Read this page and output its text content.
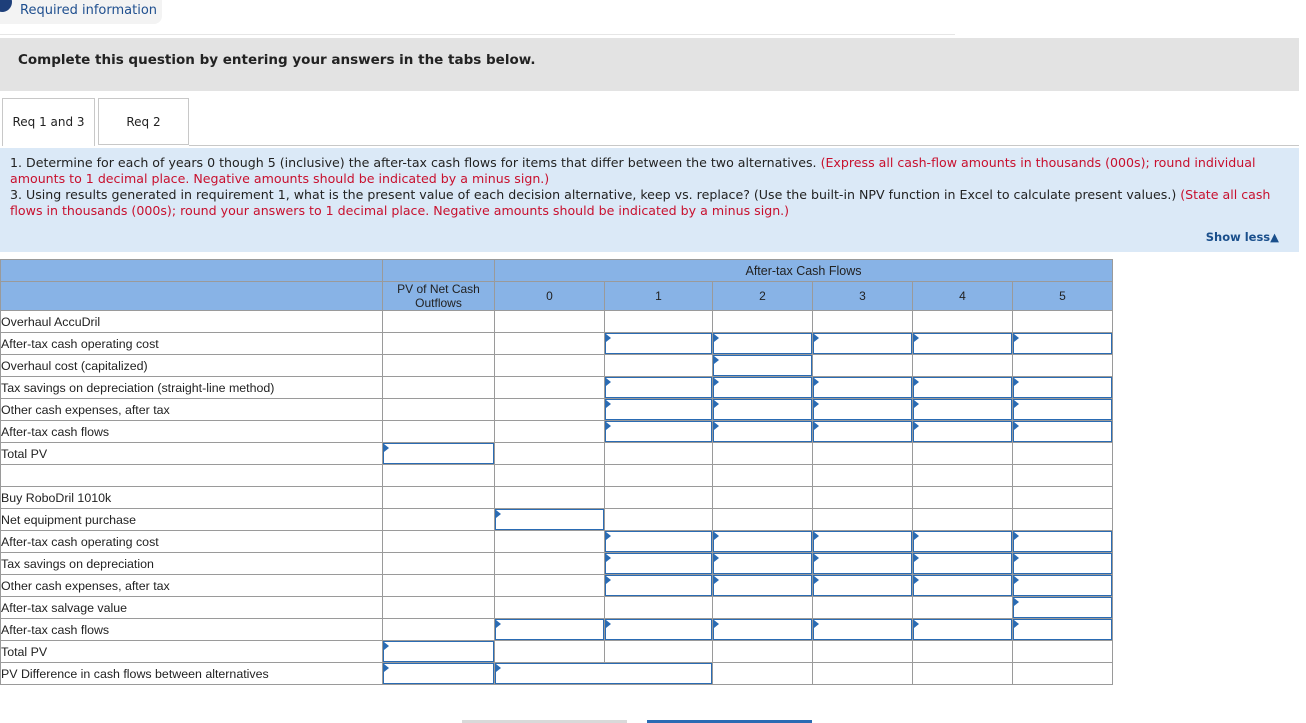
Required information
Complete this question by entering your answers in the tabs below.
Req 1 and 3	Req 2
1. Determine for each of years 0 though 5 (inclusive) the after-tax cash flows for items that differ between the two alternatives. (Express all cash-flow amounts in thousands (000s); round individual amounts to 1 decimal place. Negative amounts should be indicated by a minus sign.)
3. Using results generated in requirement 1, what is the present value of each decision alternative, keep vs. replace? (Use the built-in NPV function in Excel to calculate present values.) (State all cash flows in thousands (000s); round your answers to 1 decimal place. Negative amounts should be indicated by a minus sign.)
Show less▲
		After-tax Cash Flows					
	PV of Net Cash Outflows	0	1	2	3	4	5
Overhaul AccuDril							
After-tax cash operating cost			

Overhaul cost (capitalized)				

Tax savings on depreciation (straight-line method)			

Other cash expenses, after tax			

After-tax cash flows			

Total PV	

Buy RoboDril 1010k							
Net equipment purchase		

After-tax cash operating cost			

Tax savings on depreciation			

Other cash expenses, after tax			

After-tax salvage value							

After-tax cash flows		

Total PV	

PV Difference in cash flows between alternatives		
